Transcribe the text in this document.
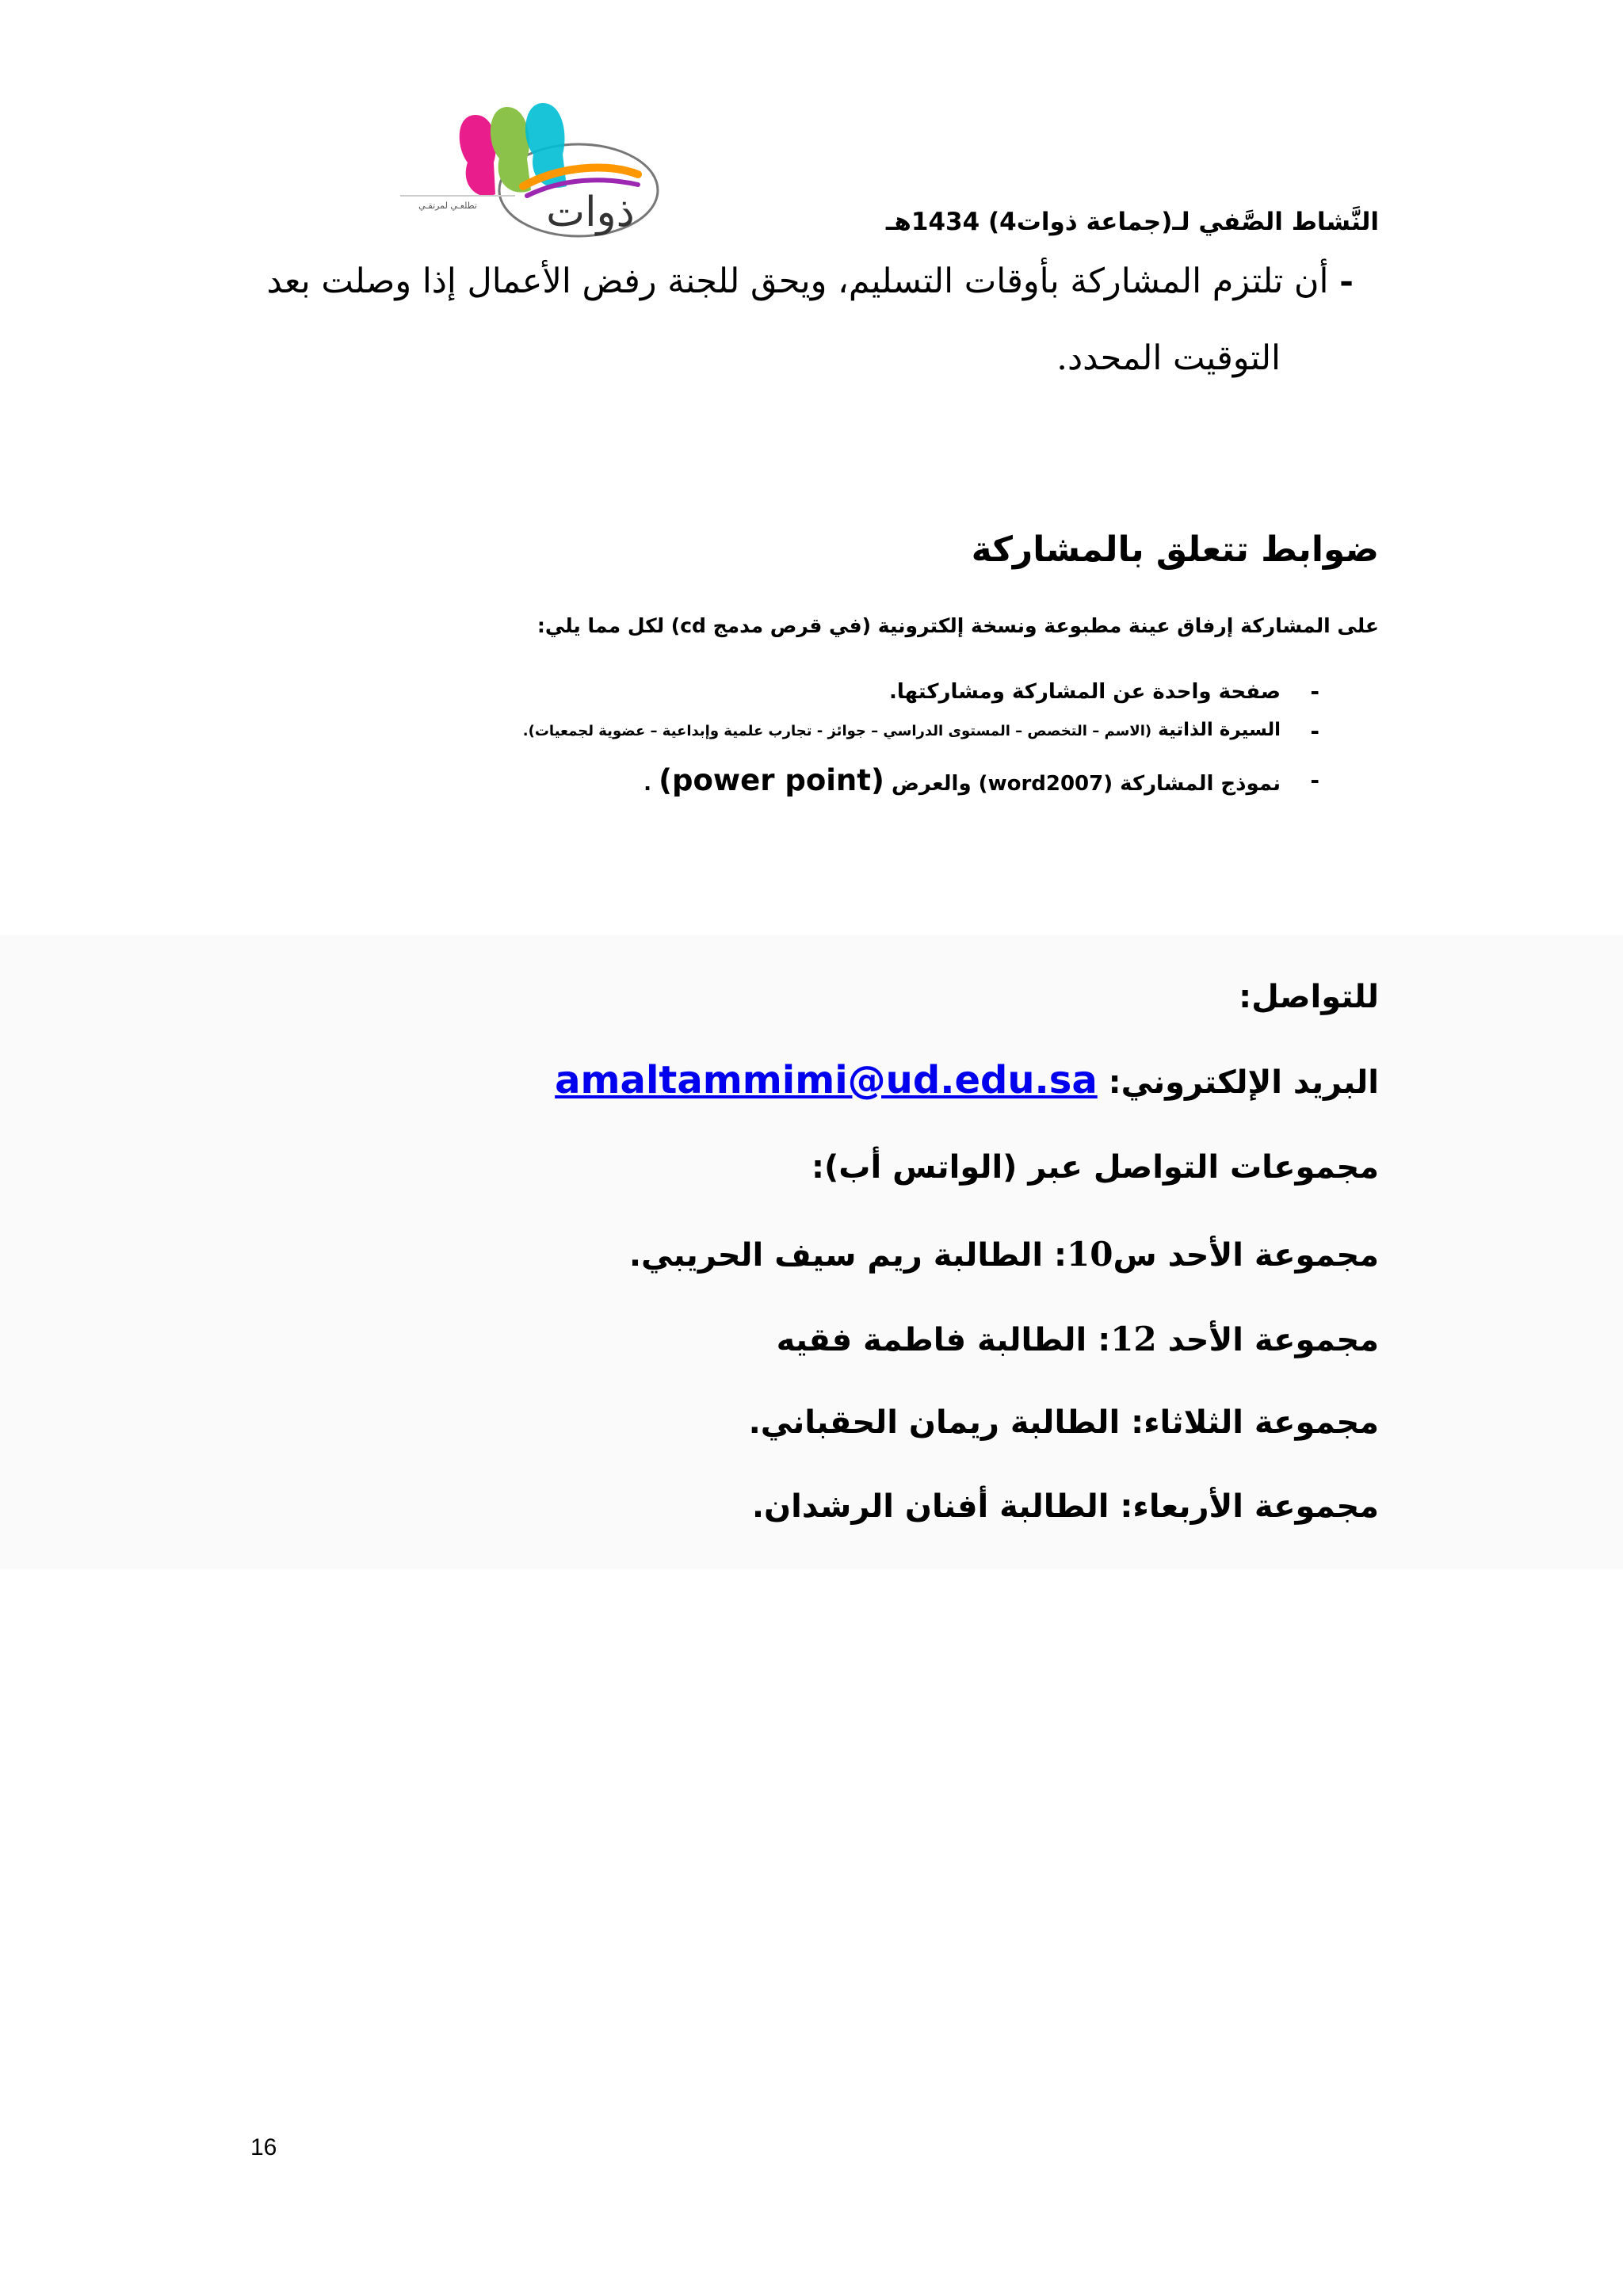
ذوات
تطلعـي لمرتقـي
النَّشاط الصَّفي لـ(جماعة ذوات4) 1434هـ
- أن تلتزم المشاركة بأوقات التسليم، ويحق للجنة رفض الأعمال إذا وصلت بعد
التوقيت المحدد.
ضوابط تتعلق بالمشاركة
على المشاركة إرفاق عينة مطبوعة ونسخة إلكترونية (في قرص مدمج cd) لكل مما يلي:
-
صفحة واحدة عن المشاركة ومشاركتها.
-
السيرة الذاتية (الاسم – التخصص – المستوى الدراسي – جوائز - تجارب علمية وإبداعية – عضوية لجمعيات).
-
نموذج المشاركة (word2007) والعرض (power point) .
للتواصل:
البريد الإلكتروني: amaltammimi@ud.edu.sa
مجموعات التواصل عبر (الواتس أب):
مجموعة الأحد س10: الطالبة ريم سيف الحريبي.
مجموعة الأحد 12: الطالبة فاطمة فقيه
مجموعة الثلاثاء: الطالبة ريمان الحقباني.
مجموعة الأربعاء: الطالبة أفنان الرشدان.
16
